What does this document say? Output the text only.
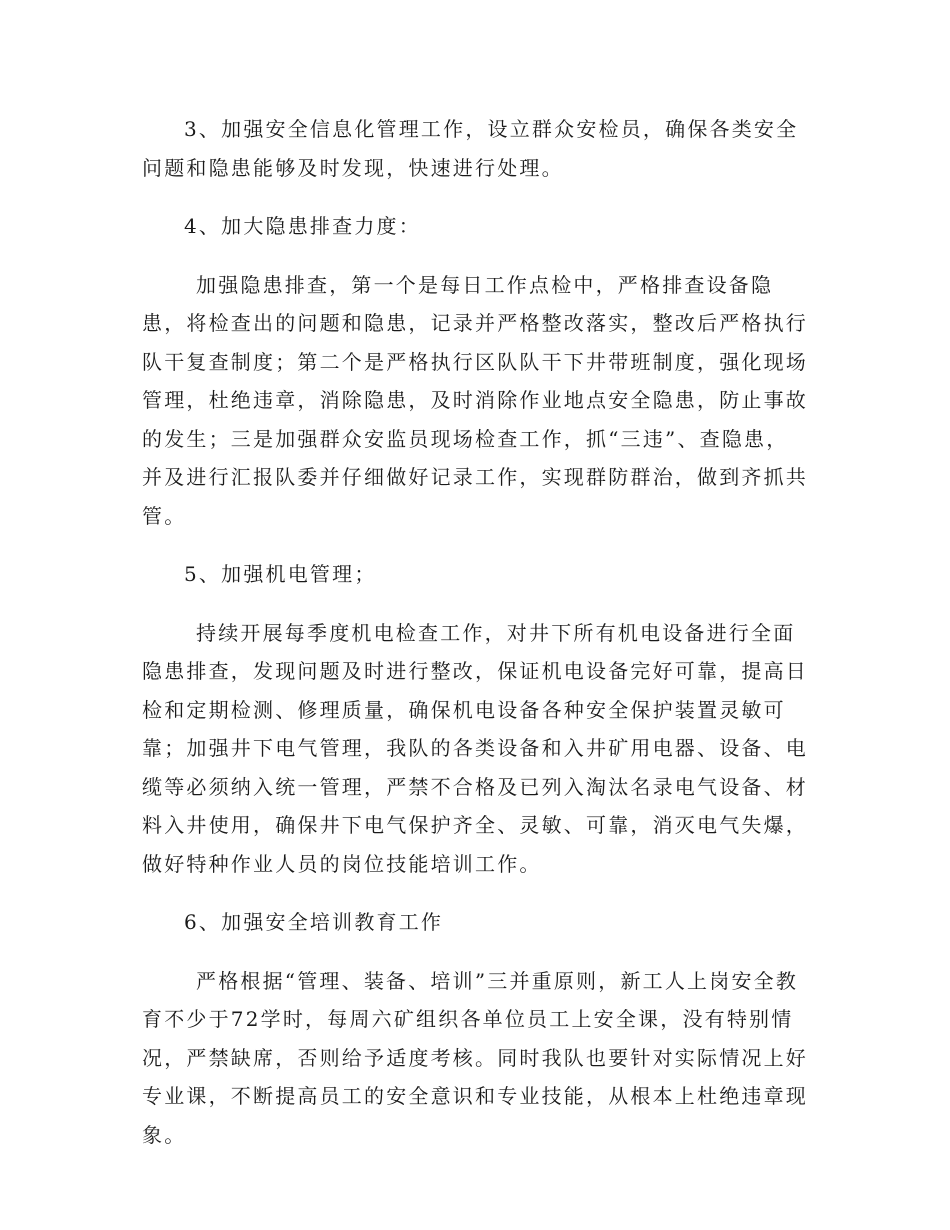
3、加强安全信息化管理工作，设立群众安检员，确保各类安全问题和隐患能够及时发现，快速进行处理。

4、加大隐患排查力度：

加强隐患排查，第一个是每日工作点检中，严格排查设备隐患，将检查出的问题和隐患，记录并严格整改落实，整改后严格执行队干复查制度；第二个是严格执行区队队干下井带班制度，强化现场管理，杜绝违章，消除隐患，及时消除作业地点安全隐患，防止事故的发生；三是加强群众安监员现场检查工作，抓“三违”、查隐患，并及进行汇报队委并仔细做好记录工作，实现群防群治，做到齐抓共管。

5、加强机电管理；

持续开展每季度机电检查工作，对井下所有机电设备进行全面隐患排查，发现问题及时进行整改，保证机电设备完好可靠，提高日检和定期检测、修理质量，确保机电设备各种安全保护装置灵敏可靠；加强井下电气管理，我队的各类设备和入井矿用电器、设备、电缆等必须纳入统一管理，严禁不合格及已列入淘汰名录电气设备、材料入井使用，确保井下电气保护齐全、灵敏、可靠，消灭电气失爆，做好特种作业人员的岗位技能培训工作。

6、加强安全培训教育工作

严格根据“管理、装备、培训”三并重原则，新工人上岗安全教育不少于72学时，每周六矿组织各单位员工上安全课，没有特别情况，严禁缺席，否则给予适度考核。同时我队也要针对实际情况上好专业课，不断提高员工的安全意识和专业技能，从根本上杜绝违章现象。
